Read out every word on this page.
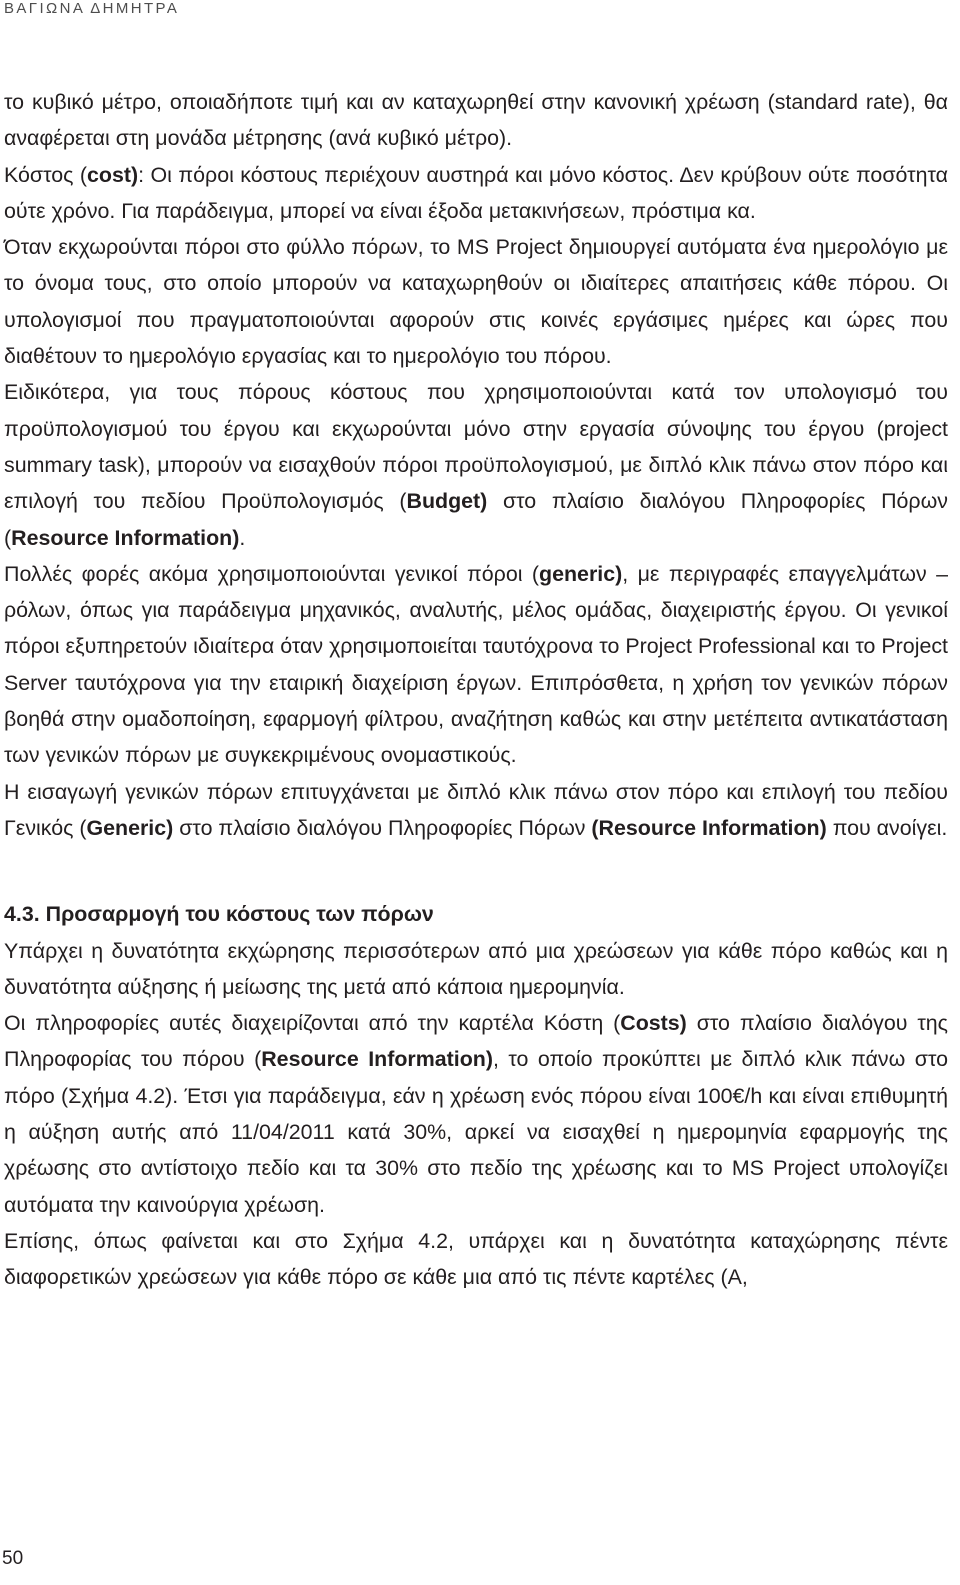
ΒΑΓΙΩΝΑ ΔΗΜΗΤΡΑ

το κυβικό μέτρο, οποιαδήποτε τιμή και αν καταχωρηθεί στην κανονική χρέωση (standard rate), θα αναφέρεται στη μονάδα μέτρησης (ανά κυβικό μέτρο).

Κόστος (cost): Οι πόροι κόστους περιέχουν αυστηρά και μόνο κόστος. Δεν κρύβουν ούτε ποσότητα ούτε χρόνο. Για παράδειγμα, μπορεί να είναι έξοδα μετακινήσεων, πρόστιμα κα.

Όταν εκχωρούνται πόροι στο φύλλο πόρων, το MS Project δημιουργεί αυτόματα ένα ημερολόγιο με το όνομα τους, στο οποίο μπορούν να καταχωρηθούν οι ιδιαίτερες απαιτήσεις κάθε πόρου. Οι υπολογισμοί που πραγματοποιούνται αφορούν στις κοινές εργάσιμες ημέρες και ώρες που διαθέτουν το ημερολόγιο εργασίας και το ημερολόγιο του πόρου.

Ειδικότερα, για τους πόρους κόστους που χρησιμοποιούνται κατά τον υπολογισμό του προϋπολογισμού του έργου και εκχωρούνται μόνο στην εργασία σύνοψης του έργου (project summary task), μπορούν να εισαχθούν πόροι προϋπολογισμού, με διπλό κλικ πάνω στον πόρο και επιλογή του πεδίου Προϋπολογισμός (Budget) στο πλαίσιο διαλόγου Πληροφορίες Πόρων (Resource Information).

Πολλές φορές ακόμα χρησιμοποιούνται γενικοί πόροι (generic), με περιγραφές επαγγελμάτων – ρόλων, όπως για παράδειγμα μηχανικός, αναλυτής, μέλος ομάδας, διαχειριστής έργου. Οι γενικοί πόροι εξυπηρετούν ιδιαίτερα όταν χρησιμοποιείται ταυτόχρονα το Project Professional και το Project Server ταυτόχρονα για την εταιρική διαχείριση έργων. Επιπρόσθετα, η χρήση τον γενικών πόρων βοηθά στην ομαδοποίηση, εφαρμογή φίλτρου, αναζήτηση καθώς και στην μετέπειτα αντικατάσταση των γενικών πόρων με συγκεκριμένους ονομαστικούς.

Η εισαγωγή γενικών πόρων επιτυγχάνεται με διπλό κλικ πάνω στον πόρο και επιλογή του πεδίου Γενικός (Generic) στο πλαίσιο διαλόγου Πληροφορίες Πόρων (Resource Information) που ανοίγει.

4.3. Προσαρμογή του κόστους των πόρων

Υπάρχει η δυνατότητα εκχώρησης περισσότερων από μια χρεώσεων για κάθε πόρο καθώς και η δυνατότητα αύξησης ή μείωσης της μετά από κάποια ημερομηνία.

Οι πληροφορίες αυτές διαχειρίζονται από την καρτέλα Κόστη (Costs) στο πλαίσιο διαλόγου της Πληροφορίας του πόρου (Resource Information), το οποίο προκύπτει με διπλό κλικ πάνω στο πόρο (Σχήμα 4.2). Έτσι για παράδειγμα, εάν η χρέωση ενός πόρου είναι 100€/h και είναι επιθυμητή η αύξηση αυτής από 11/04/2011 κατά 30%, αρκεί να εισαχθεί η ημερομηνία εφαρμογής της χρέωσης στο αντίστοιχο πεδίο και τα 30% στο πεδίο της χρέωσης και το MS Project υπολογίζει αυτόματα την καινούργια χρέωση.

Επίσης, όπως φαίνεται και στο Σχήμα 4.2, υπάρχει και η δυνατότητα καταχώρησης πέντε διαφορετικών χρεώσεων για κάθε πόρο σε κάθε μια από τις πέντε καρτέλες (Α,

50
